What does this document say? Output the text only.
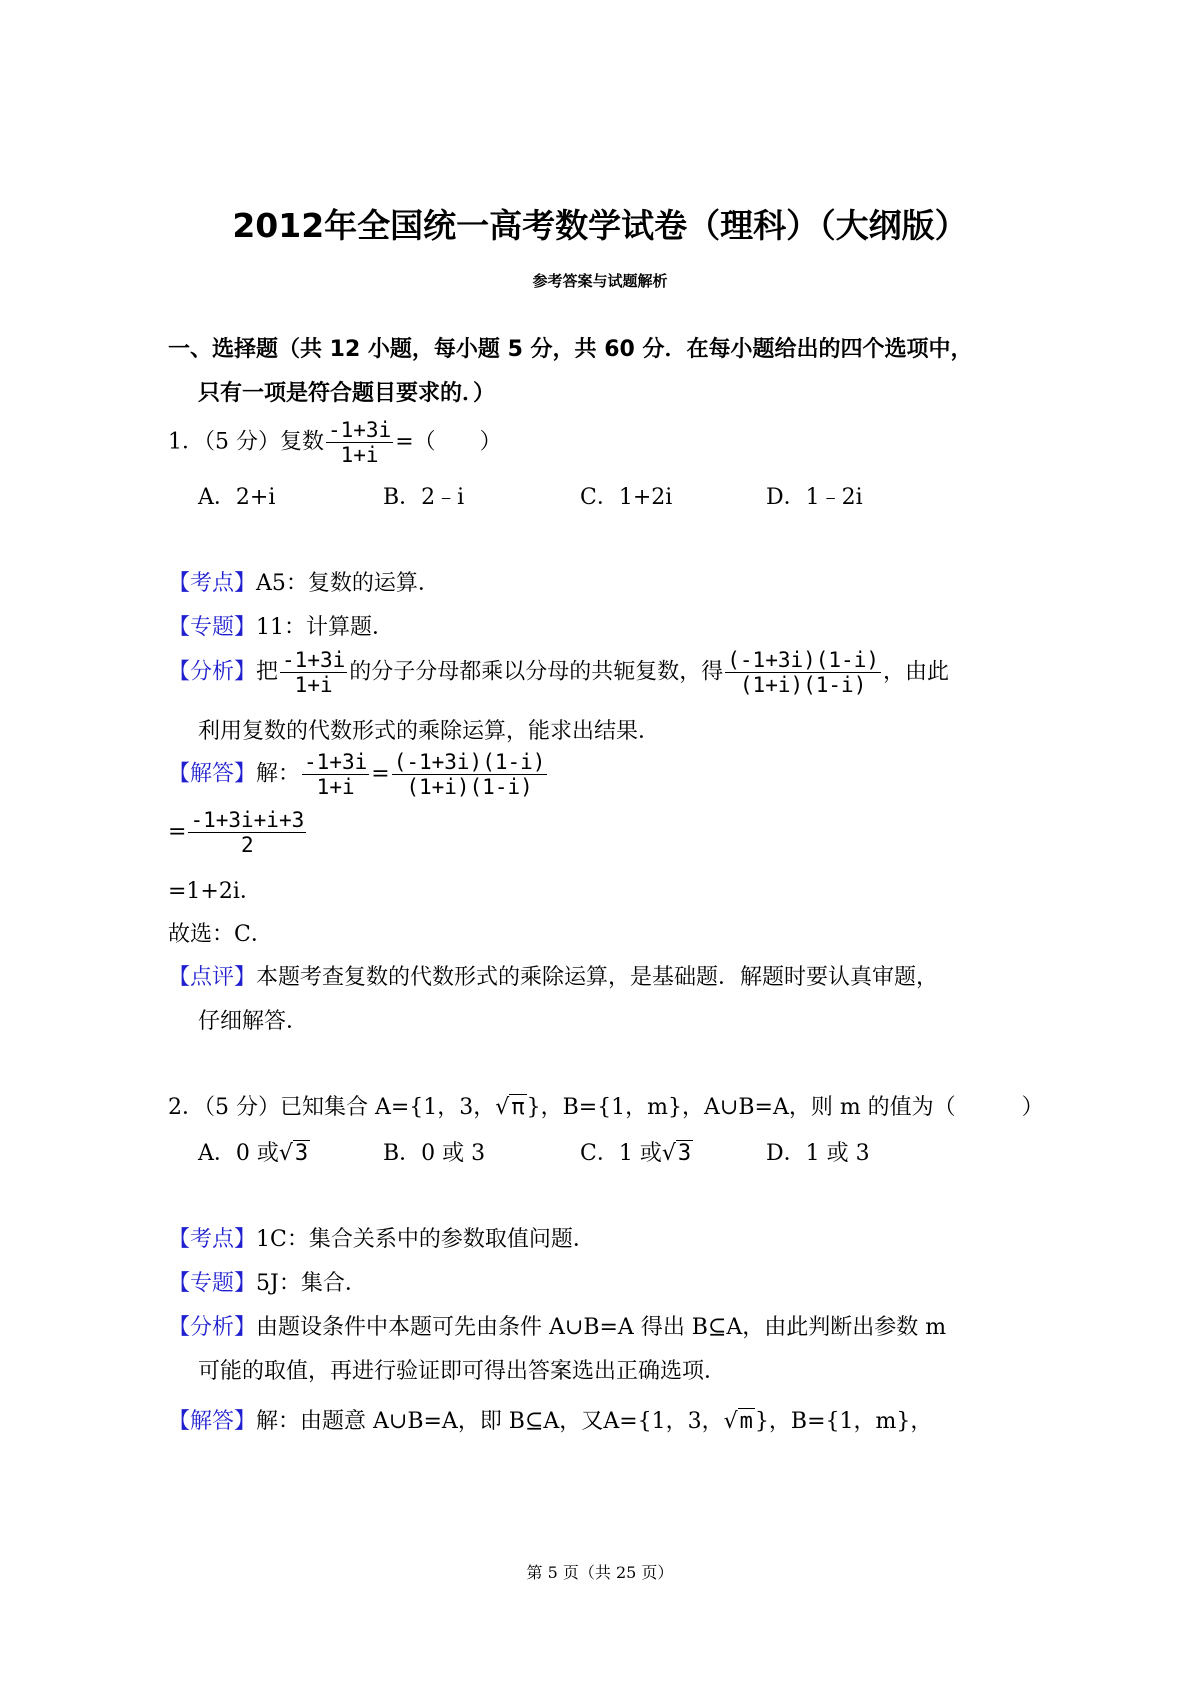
2012年全国统一高考数学试卷（理科）（大纲版）
参考答案与试题解析
一、选择题（共 12 小题，每小题 5 分，共 60 分．在每小题给出的四个选项中，
只有一项是符合题目要求的．）
1．（5 分）复数 $\frac{-1+3i}{1+i}$ =（　　）
A．2+i	B．2﹣i	C．1+2i	D．1﹣2i
【考点】A5：复数的运算．
【专题】11：计算题．
【分析】把 $\frac{-1+3i}{1+i}$ 的分子分母都乘以分母的共轭复数，得 $\frac{(-1+3i)(1-i)}{(1+i)(1-i)}$ ，由此
利用复数的代数形式的乘除运算，能求出结果．
【解答】解： $\frac{-1+3i}{1+i} = \frac{(-1+3i)(1-i)}{(1+i)(1-i)}$
= $\frac{-1+3i+i+3}{2}$
=1+2i．
故选：C．
【点评】本题考查复数的代数形式的乘除运算，是基础题．解题时要认真审题，
仔细解答．
2．（5 分）已知集合 A={1，3，√π}，B={1，m}，A∪B=A，则 m 的值为（　　　）
A．0 或√3	B．0 或 3	C．1 或√3	D．1 或 3
【考点】1C：集合关系中的参数取值问题．
【专题】5J：集合．
【分析】由题设条件中本题可先由条件 A∪B=A 得出 B⊆A，由此判断出参数 m
可能的取值，再进行验证即可得出答案选出正确选项．
【解答】解：由题意 A∪B=A，即 B⊆A，又A={1，3，√m}，B={1，m}，
第 5 页（共 25 页）
